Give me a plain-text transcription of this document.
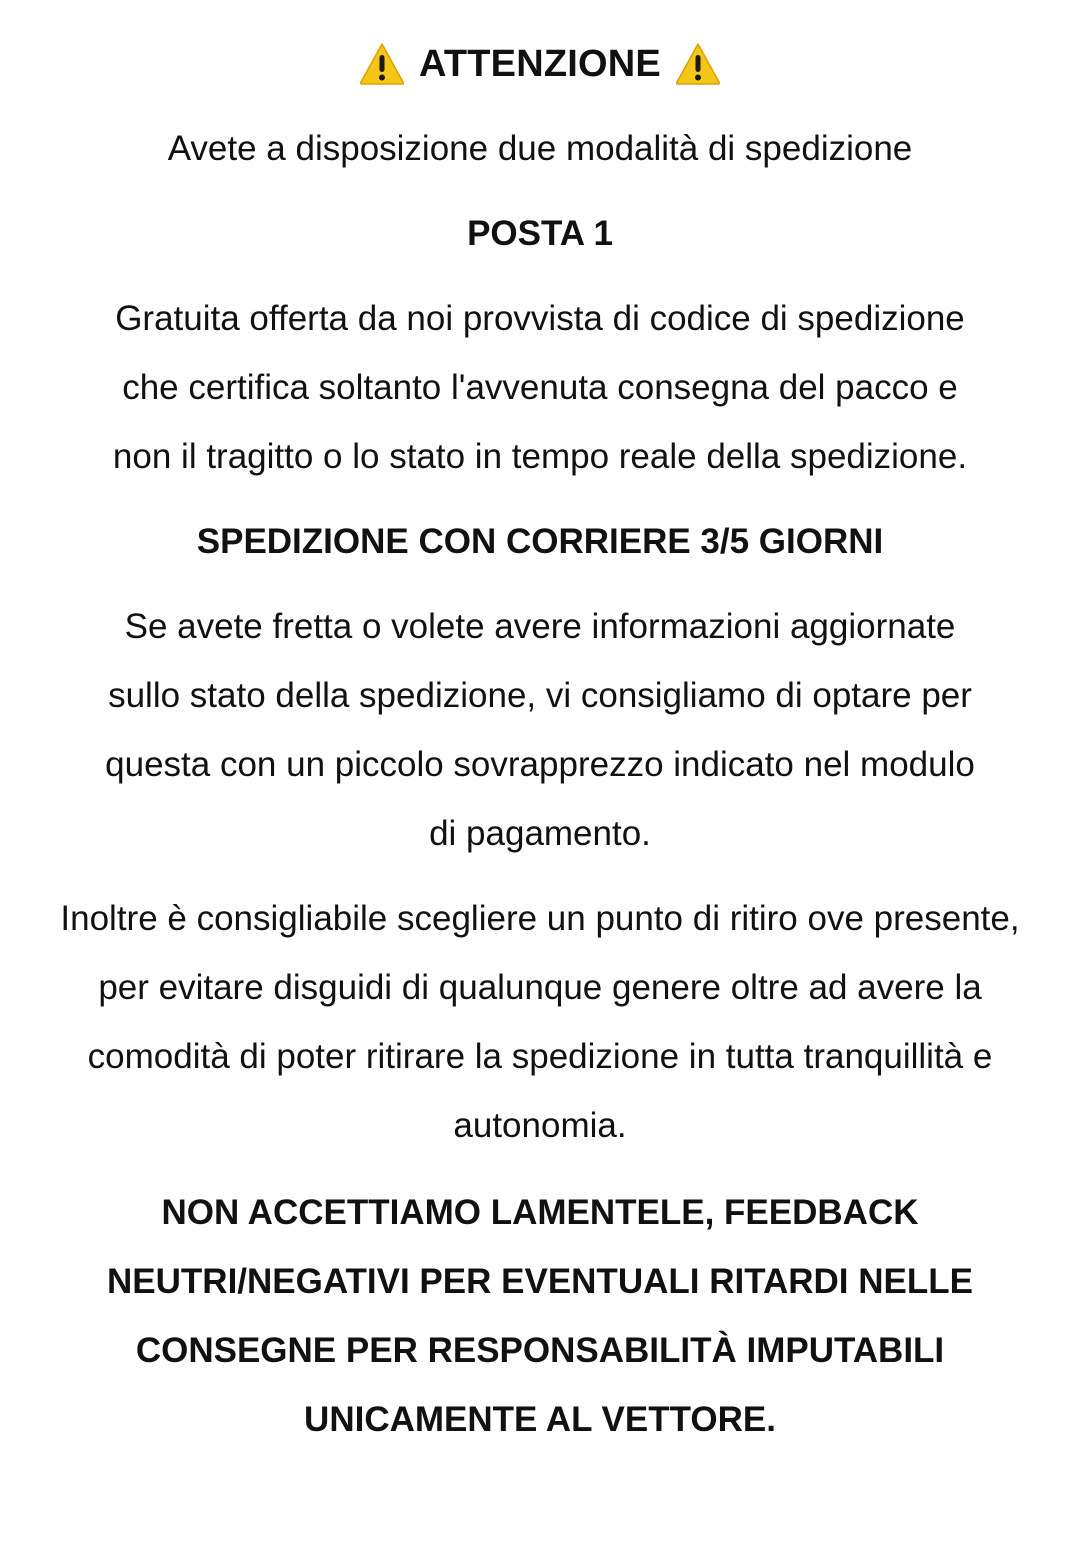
ATTENZIONE

Avete a disposizione due modalità di spedizione

POSTA 1

Gratuita offerta da noi provvista di codice di spedizione che certifica soltanto l'avvenuta consegna del pacco e non il tragitto o lo stato in tempo reale della spedizione.

SPEDIZIONE CON CORRIERE 3/5 GIORNI

Se avete fretta o volete avere informazioni aggiornate sullo stato della spedizione, vi consigliamo di optare per questa con un piccolo sovrapprezzo indicato nel modulo di pagamento.

Inoltre è consigliabile scegliere un punto di ritiro ove presente, per evitare disguidi di qualunque genere oltre ad avere la comodità di poter ritirare la spedizione in tutta tranquillità e autonomia.

NON ACCETTIAMO LAMENTELE, FEEDBACK NEUTRI/NEGATIVI PER EVENTUALI RITARDI NELLE CONSEGNE PER RESPONSABILITÀ IMPUTABILI UNICAMENTE AL VETTORE.
